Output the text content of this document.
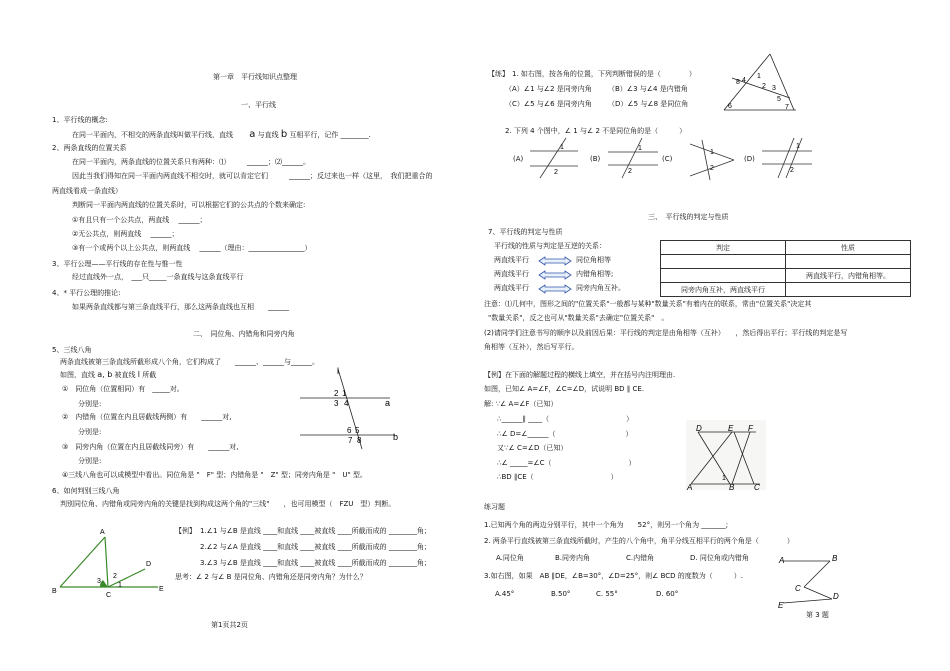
第一章　平行线知识点整理
一、平行线
1、平行线的概念:
在同一平面内，不相交的两条直线叫做平行线，直线 a 与直线 b 互相平行，记作 ________.
2、两条直线的位置关系
在同一平面内，两条直线的位置关系只有两种：⑴　　　______；⑵______。
因此当我们得知在同一平面内两直线不相交时，就可以肯定它们　　　______；反过来也一样（这里，　我们把重合的
两直线看成一条直线）
判断同一平面内两直线的位置关系时，可以根据它们的公共点的个数来确定:
①有且只有一个公共点，两直线　 ______；
②无公共点，则两直线　 ______；
③有一个或两个以上公共点，则两直线　 ______（理由：________________）
3、平行公理——平行线的存在性与惟一性
经过直线外一点，　___只_____一条直线与这条直线平行
4、* 平行公理的推论:
如果两条直线都与第三条直线平行，那么这两条直线也互相　　______
二、　同位角、内错角和同旁内角
5、三线八角
两条直线被第三条直线所截形成八个角，它们构成了　　______、______与______。
如图，直线 a, b 被直线 l 所截
①　同位角（位置相同）有　_____对。
分别是:
②　内错角（位置在内且居截线两侧）有　　______对,
分别是:
③　同旁内角（位置在内且居截线同旁）有　　______对,
分别是:
④三线八角也可以成模型中看出。同位角是 "　F" 型；内错角是 "　Z" 型；同旁内角是 "　U" 型。
6、如何判别三线八角
判别同位角、内错角或同旁内角的关键是找到构成这两个角的"三线"　　，也可用模型（　FZU　型）判断。
【例】 1.∠1 与∠B 是直线 ____和直线 ____被直线 ____所截而成的 ________角；
2.∠2 与∠A 是直线 ____和直线 ____被直线 ____所截而成的 ________角；
3.∠3 与∠B 是直线 ____和直线 ____被直线 ____所截而成的 ________角；
思考：∠ 2 与∠ B 是同位角、内错角还是同旁内角？为什么？
第1页共2页
l
a
b
2 1
3 4
6 5
7 8
A
B
C
D
E
3
2
1
【练】 1. 如右图，按各角的位置，下列判断错误的是（　　　　）
（A）∠1 与∠2 是同旁内角 （B）∠3 与∠4 是内错角
（C）∠5 与∠6 是同旁内角 （D）∠5 与∠8 是同位角
8 4
1
2 3
5
7
6
2. 下列 4 个图中，∠ 1 与∠ 2 不是同位角的是（　　　）
(A)
1
2
(B)
1
2
(C)
1
2
(D)
1
2
三、　平行线的判定与性质
7、平行线的判定与性质
平行线的性质与判定是互逆的关系：
两直线平行	同位角相等
两直线平行	内错角相等;
两直线平行	同旁内角互补。
判定	性质

	两直线平行，内错角相等。
同旁内角互补，两直线平行	
注意：⑴几何中，图形之间的"位置关系"一般都与某种"数量关系"有着内在的联系，常由"位置关系"决定其
"数量关系"，反之也可从"数量关系"去确定"位置关系"　。
(2)请同学们注意书写的顺序以及前因后果：平行线的判定是由角相等（互补）　　，然后得出平行；平行线的判定是写
角相等（互补），然后写平行。
【例】在下面的解题过程的横线上填空，并在括号内注明理由.
如图，已知∠ A=∠F，∠C=∠D，试说明 BD ∥ CE.
解: ∵∠ A=∠F（已知）
∴______∥ ____（　　　　　　　　　　　）
∴∠ D=∠______（　　　　　　　　　　）
又∵∠ C=∠D（已知）
∴∠ _____=∠C（　　　　　　　　　　　）
∴BD ∥CE（　　　　　　　　　　　）
D	E F
A	B C
1
练习题
1.已知两个角的两边分别平行，其中一个角为　　52°，则另一个角为 _______;
2. 两条平行直线被第三条直线所截时，产生的八个角中，角平分线互相平行的两个角是（　　　　）
A.同位角	B.同旁内角	C.内错角	D. 同位角或内错角
3.如右图，如果　AB ∥DE，∠B=30°，∠D=25°，则∠ BCD 的度数为（　　　）.
A.45°	B.50°	C. 55°	D. 60°
A	B
C
D
E
第 3 题
